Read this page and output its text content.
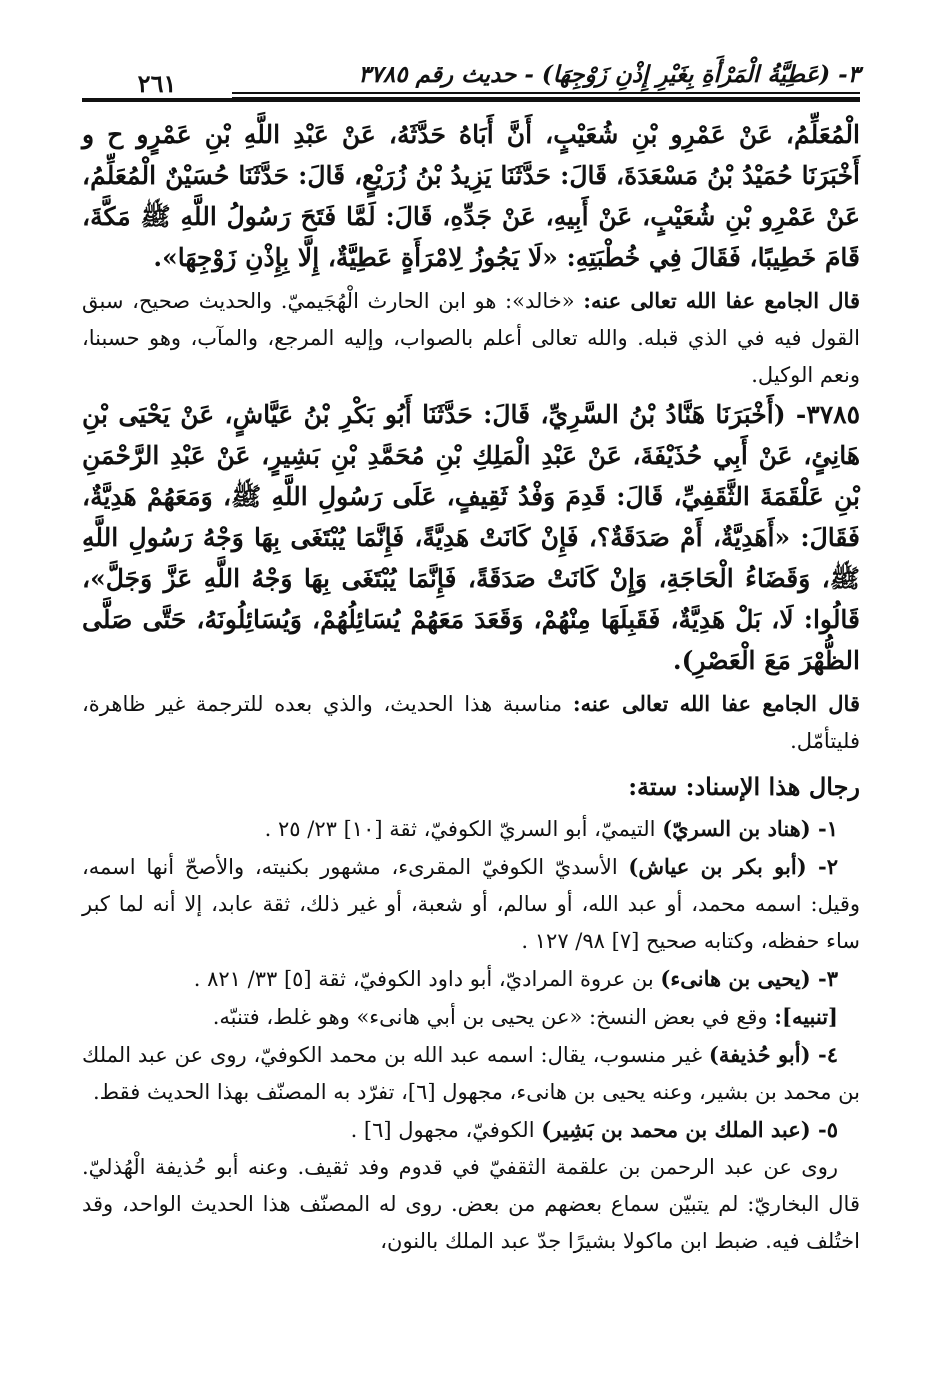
٣- (عَطِيَّةُ الْمَرْأَةِ بِغَيْرِ إِذْنِ زَوْجِهَا) - حديث رقم ٣٧٨٥
٢٦١

الْمُعَلِّمُ، عَنْ عَمْرِو بْنِ شُعَيْبٍ، أَنَّ أَبَاهُ حَدَّثَهُ، عَنْ عَبْدِ اللَّهِ بْنِ عَمْرٍو ح و أَخْبَرَنَا حُمَيْدُ بْنُ مَسْعَدَةَ، قَالَ: حَدَّثَنَا يَزِيدُ بْنُ زُرَيْعٍ، قَالَ: حَدَّثَنَا حُسَيْنٌ الْمُعَلِّمُ، عَنْ عَمْرِو بْنِ شُعَيْبٍ، عَنْ أَبِيهِ، عَنْ جَدِّهِ، قَالَ: لَمَّا فَتَحَ رَسُولُ اللَّهِ ﷺ مَكَّةَ، قَامَ خَطِيبًا، فَقَالَ فِي خُطْبَتِهِ: «لَا يَجُوزُ لِامْرَأَةٍ عَطِيَّةٌ، إِلَّا بِإِذْنِ زَوْجِهَا».

قال الجامع عفا الله تعالى عنه: «خالد»: هو ابن الحارث الْهُجَيميّ. والحديث صحيح، سبق القول فيه في الذي قبله. والله تعالى أعلم بالصواب، وإليه المرجع، والمآب، وهو حسبنا، ونعم الوكيل.

٣٧٨٥- (أَخْبَرَنَا هَنَّادُ بْنُ السَّرِيِّ، قَالَ: حَدَّثَنَا أَبُو بَكْرِ بْنُ عَيَّاشٍ، عَنْ يَحْيَى بْنِ هَانِئٍ، عَنْ أَبِي حُذَيْفَةَ، عَنْ عَبْدِ الْمَلِكِ بْنِ مُحَمَّدِ بْنِ بَشِيرٍ، عَنْ عَبْدِ الرَّحْمَنِ بْنِ عَلْقَمَةَ الثَّقَفِيِّ، قَالَ: قَدِمَ وَفْدُ ثَقِيفٍ، عَلَى رَسُولِ اللَّهِ ﷺ، وَمَعَهُمْ هَدِيَّةٌ، فَقَالَ: «أَهَدِيَّةٌ، أَمْ صَدَقَةٌ؟، فَإِنْ كَانَتْ هَدِيَّةً، فَإِنَّمَا يُبْتَغَى بِهَا وَجْهُ رَسُولِ اللَّهِ ﷺ، وَقَضَاءُ الْحَاجَةِ، وَإِنْ كَانَتْ صَدَقَةً، فَإِنَّمَا يُبْتَغَى بِهَا وَجْهُ اللَّهِ عَزَّ وَجَلَّ»، قَالُوا: لَا، بَلْ هَدِيَّةٌ، فَقَبِلَهَا مِنْهُمْ، وَقَعَدَ مَعَهُمْ يُسَائِلُهُمْ، وَيُسَائِلُونَهُ، حَتَّى صَلَّى الظُّهْرَ مَعَ الْعَصْرِ).

قال الجامع عفا الله تعالى عنه: مناسبة هذا الحديث، والذي بعده للترجمة غير ظاهرة، فليتأمّل.

رجال هذا الإسناد: ستة:

١- (هناد بن السريّ) التيميّ، أبو السريّ الكوفيّ، ثقة [١٠] ٢٣/ ٢٥ .

٢- (أبو بكر بن عياش) الأسديّ الكوفيّ المقرىء، مشهور بكنيته، والأصحّ أنها اسمه، وقيل: اسمه محمد، أو عبد الله، أو سالم، أو شعبة، أو غير ذلك، ثقة عابد، إلا أنه لما كبر ساء حفظه، وكتابه صحيح [٧] ٩٨/ ١٢٧ .

٣- (يحيى بن هانىء) بن عروة المراديّ، أبو داود الكوفيّ، ثقة [٥] ٣٣/ ٨٢١ .

[تنبيه]: وقع في بعض النسخ: «عن يحيى بن أبي هانىء» وهو غلط، فتنبّه.

٤- (أبو حُذيفة) غير منسوب، يقال: اسمه عبد الله بن محمد الكوفيّ، روى عن عبد الملك بن محمد بن بشير، وعنه يحيى بن هانىء، مجهول [٦]، تفرّد به المصنّف بهذا الحديث فقط.

٥- (عبد الملك بن محمد بن بَشِير) الكوفيّ، مجهول [٦] .

روى عن عبد الرحمن بن علقمة الثقفيّ في قدوم وفد ثقيف. وعنه أبو حُذيفة الْهُذليّ. قال البخاريّ: لم يتبيّن سماع بعضهم من بعض. روى له المصنّف هذا الحديث الواحد، وقد اختُلف فيه. ضبط ابن ماكولا بشيرًا جدّ عبد الملك بالنون،
